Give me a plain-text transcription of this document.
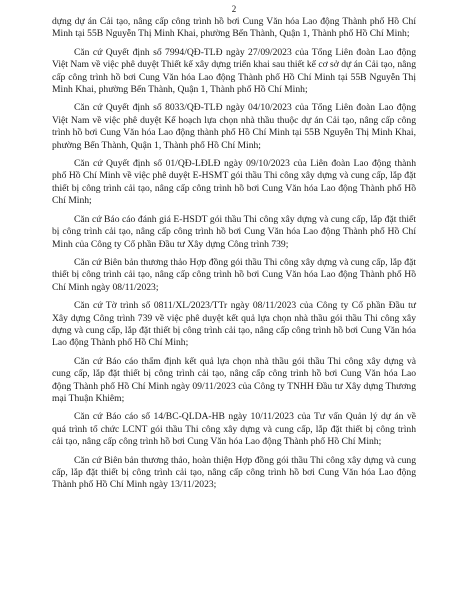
2

dựng dự án Cải tạo, nâng cấp công trình hồ bơi Cung Văn hóa Lao động Thành phố Hồ Chí Minh tại 55B Nguyễn Thị Minh Khai, phường Bến Thành, Quận 1, Thành phố Hồ Chí Minh;

Căn cứ Quyết định số 7994/QĐ-TLĐ ngày 27/09/2023 của Tổng Liên đoàn Lao động Việt Nam về việc phê duyệt Thiết kế xây dựng triển khai sau thiết kế cơ sở dự án Cải tạo, nâng cấp công trình hồ bơi Cung Văn hóa Lao động Thành phố Hồ Chí Minh tại 55B Nguyễn Thị Minh Khai, phường Bến Thành, Quận 1, Thành phố Hồ Chí Minh;

Căn cứ Quyết định số 8033/QĐ-TLĐ ngày 04/10/2023 của Tổng Liên đoàn Lao động Việt Nam về việc phê duyệt Kế hoạch lựa chọn nhà thầu thuộc dự án Cải tạo, nâng cấp công trình hồ bơi Cung Văn hóa Lao động thành phố Hồ Chí Minh tại 55B Nguyễn Thị Minh Khai, phường Bến Thành, Quận 1, Thành phố Hồ Chí Minh;

Căn cứ Quyết định số 01/QĐ-LĐLĐ ngày 09/10/2023 của Liên đoàn Lao động thành phố Hồ Chí Minh về việc phê duyệt E-HSMT gói thầu Thi công xây dựng và cung cấp, lắp đặt thiết bị công trình cải tạo, nâng cấp công trình hồ bơi Cung Văn hóa Lao động Thành phố Hồ Chí Minh;

Căn cứ Báo cáo đánh giá E-HSDT gói thầu Thi công xây dựng và cung cấp, lắp đặt thiết bị công trình cải tạo, nâng cấp công trình hồ bơi Cung Văn hóa Lao động Thành phố Hồ Chí Minh của Công ty Cổ phần Đầu tư Xây dựng Công trình 739;

Căn cứ Biên bản thương thảo Hợp đồng gói thầu Thi công xây dựng và cung cấp, lắp đặt thiết bị công trình cải tạo, nâng cấp công trình hồ bơi Cung Văn hóa Lao động Thành phố Hồ Chí Minh ngày 08/11/2023;

Căn cứ Tờ trình số 0811/XL/2023/TTr ngày 08/11/2023 của Công ty Cổ phần Đầu tư Xây dựng Công trình 739 về việc phê duyệt kết quả lựa chọn nhà thầu gói thầu Thi công xây dựng và cung cấp, lắp đặt thiết bị công trình cải tạo, nâng cấp công trình hồ bơi Cung Văn hóa Lao động Thành phố Hồ Chí Minh;

Căn cứ Báo cáo thẩm định kết quả lựa chọn nhà thầu gói thầu Thi công xây dựng và cung cấp, lắp đặt thiết bị công trình cải tạo, nâng cấp công trình hồ bơi Cung Văn hóa Lao động Thành phố Hồ Chí Minh ngày 09/11/2023 của Công ty TNHH Đầu tư Xây dựng Thương mại Thuận Khiêm;

Căn cứ Báo cáo số 14/BC-QLDA-HB ngày 10/11/2023 của Tư vấn Quản lý dự án về quá trình tổ chức LCNT gói thầu Thi công xây dựng và cung cấp, lắp đặt thiết bị công trình cải tạo, nâng cấp công trình hồ bơi Cung Văn hóa Lao động Thành phố Hồ Chí Minh;

Căn cứ Biên bản thương thảo, hoàn thiện Hợp đồng gói thầu Thi công xây dựng và cung cấp, lắp đặt thiết bị công trình cải tạo, nâng cấp công trình hồ bơi Cung Văn hóa Lao động Thành phố Hồ Chí Minh ngày 13/11/2023;
